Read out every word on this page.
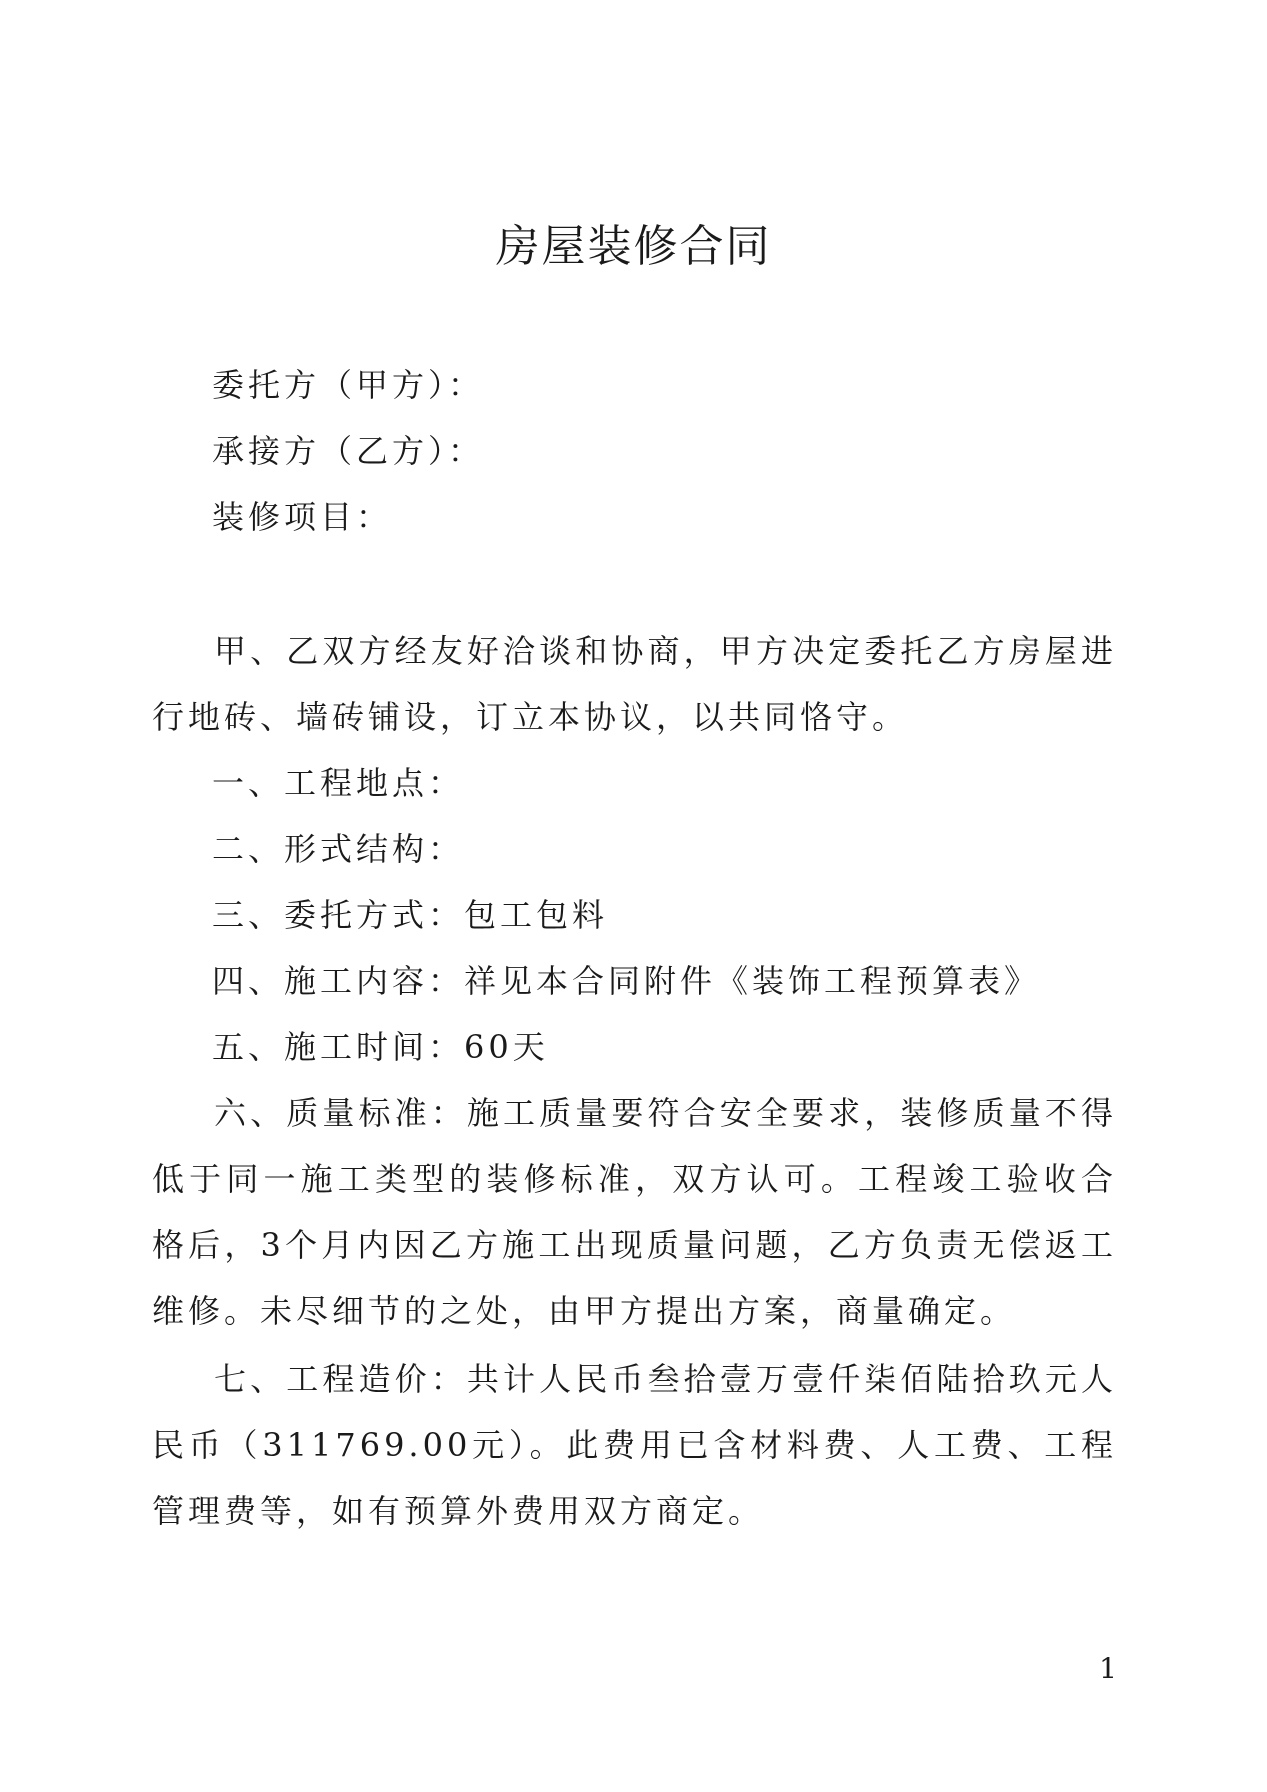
房屋装修合同

委托方（甲方）：

承接方（乙方）：

装修项目：

甲、乙双方经友好洽谈和协商，甲方决定委托乙方房屋进行地砖、墙砖铺设，订立本协议，以共同恪守。

一、工程地点：

二、形式结构：

三、委托方式：包工包料

四、施工内容：祥见本合同附件《装饰工程预算表》

五、施工时间：60天

六、质量标准：施工质量要符合安全要求，装修质量不得低于同一施工类型的装修标准，双方认可。工程竣工验收合格后，3个月内因乙方施工出现质量问题，乙方负责无偿返工维修。未尽细节的之处，由甲方提出方案，商量确定。

七、工程造价：共计人民币叁拾壹万壹仟柒佰陆拾玖元人民币（311769.00元）。此费用已含材料费、人工费、工程管理费等，如有预算外费用双方商定。

1
